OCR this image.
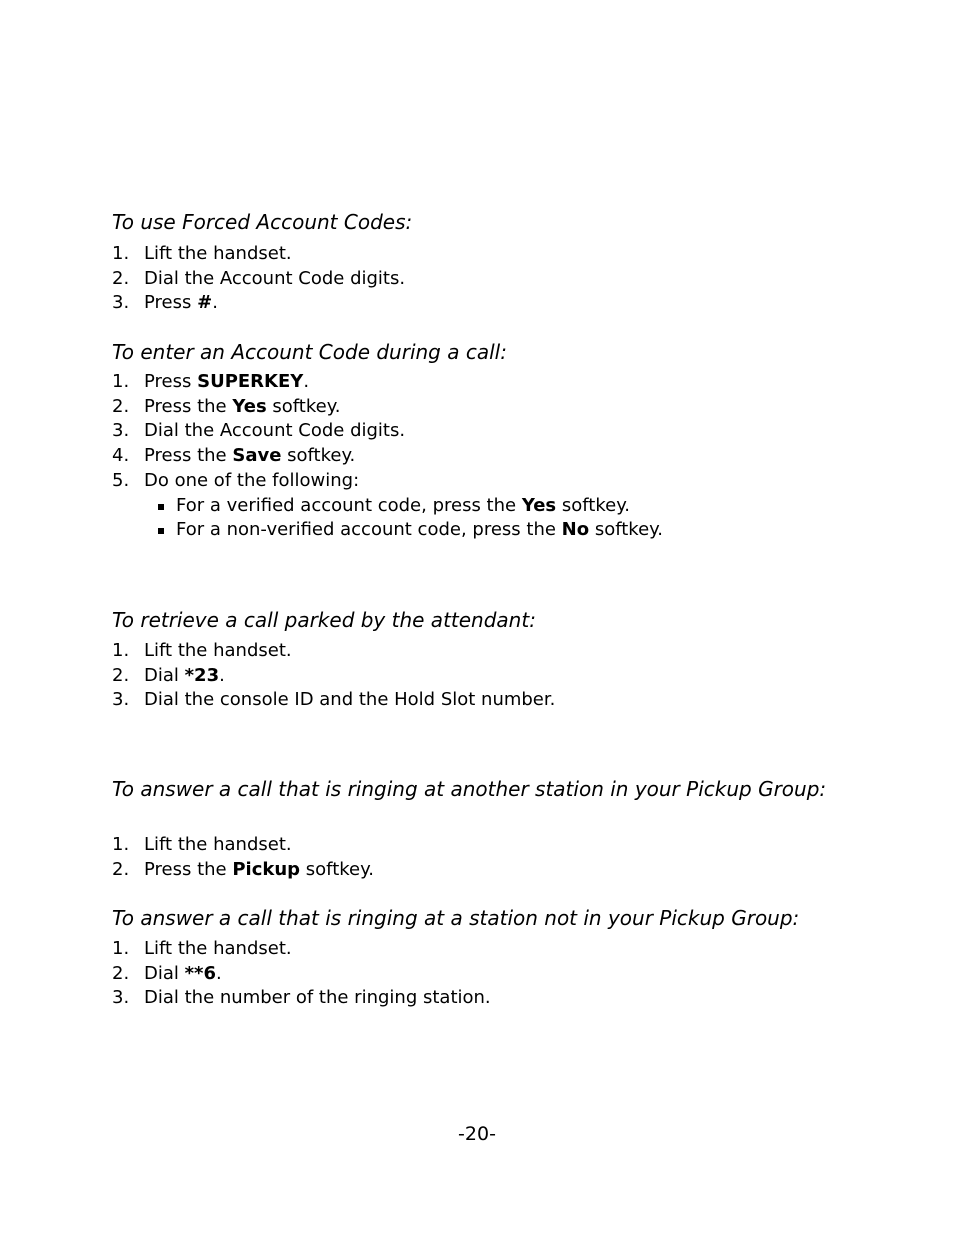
To use Forced Account Codes:

1. Lift the handset.
2. Dial the Account Code digits.
3. Press #.

To enter an Account Code during a call:

1. Press SUPERKEY.
2. Press the Yes softkey.
3. Dial the Account Code digits.
4. Press the Save softkey.
5. Do one of the following:
For a verified account code, press the Yes softkey.
For a non-verified account code, press the No softkey.

To retrieve a call parked by the attendant:

1. Lift the handset.
2. Dial *23.
3. Dial the console ID and the Hold Slot number.

To answer a call that is ringing at another station in your Pickup Group:

1. Lift the handset.
2. Press the Pickup softkey.

To answer a call that is ringing at a station not in your Pickup Group:

1. Lift the handset.
2. Dial **6.
3. Dial the number of the ringing station.
-20-
